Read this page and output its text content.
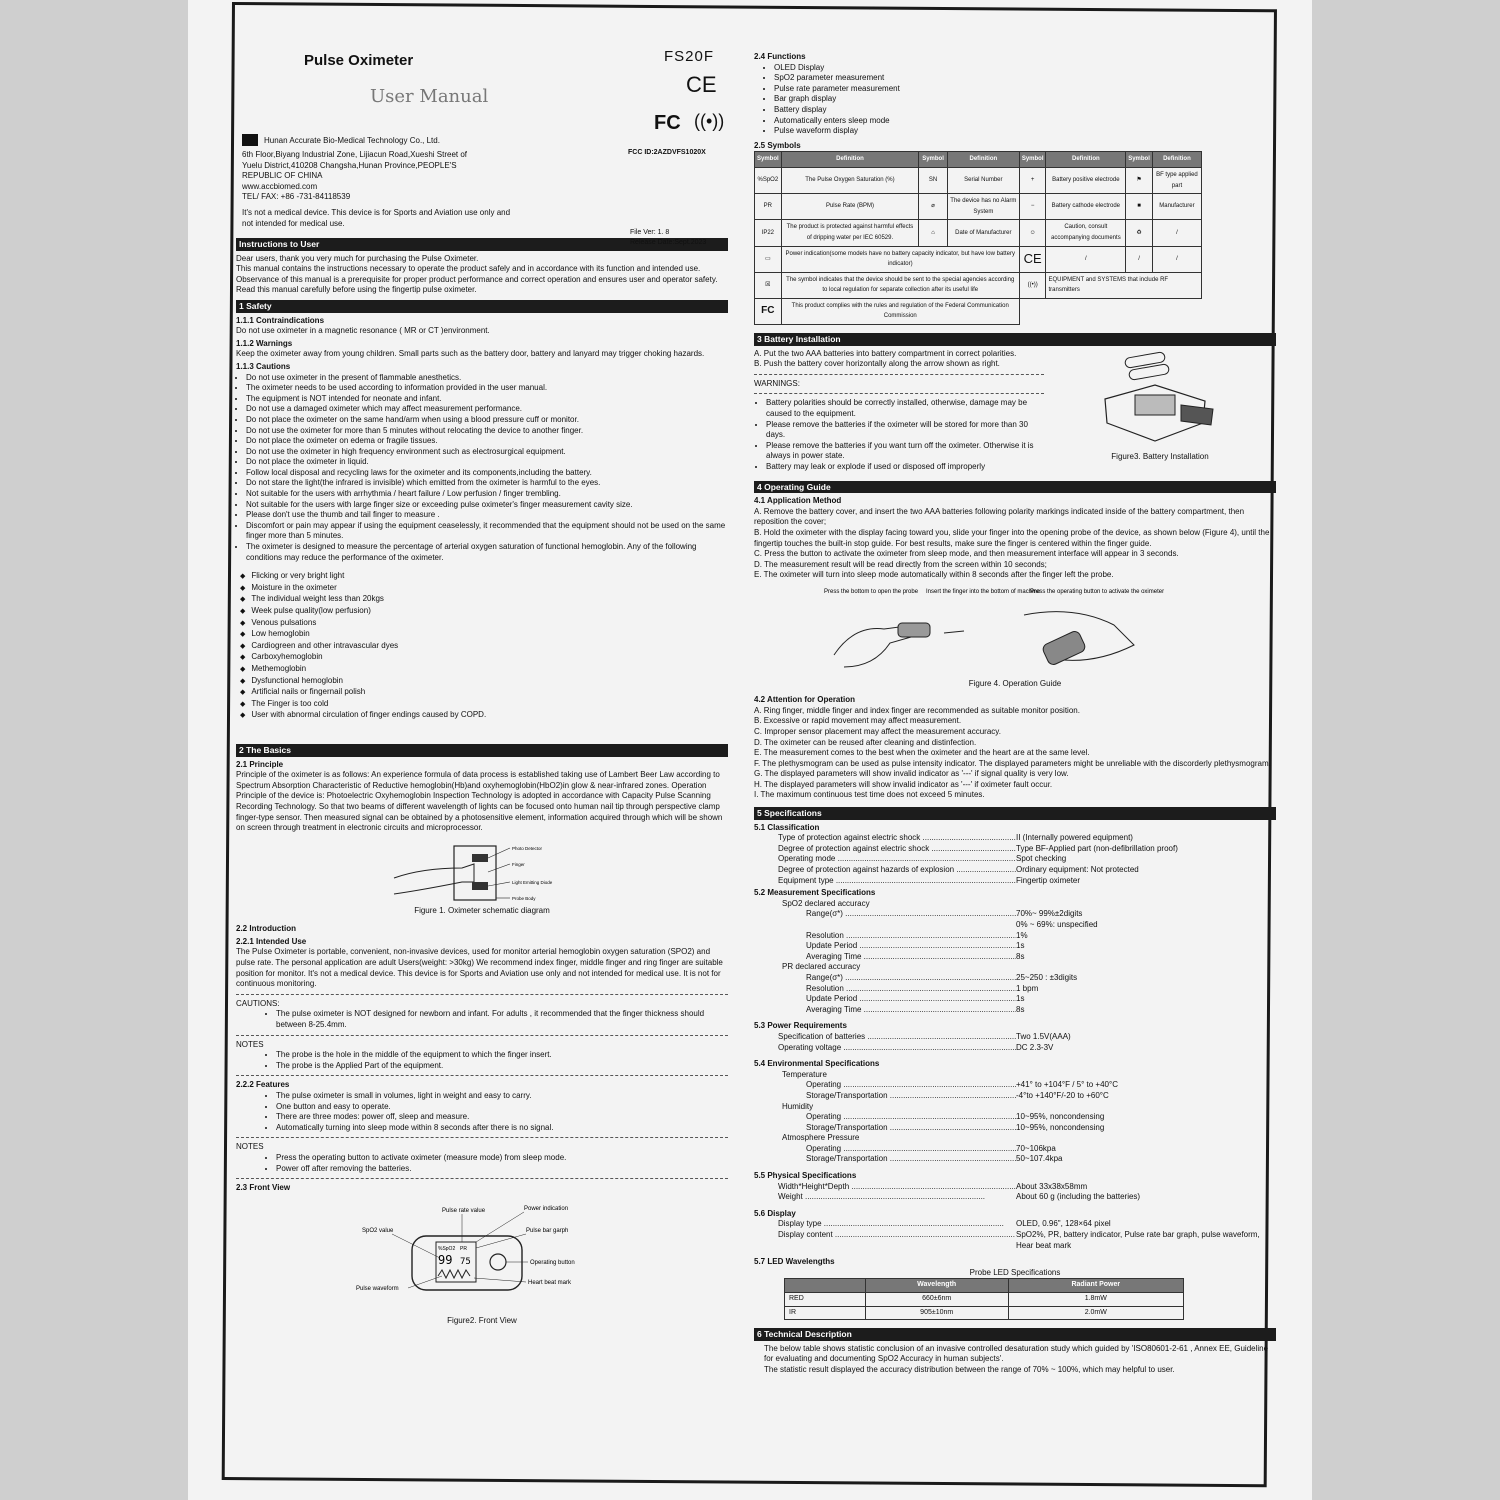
Pulse Oximeter
User Manual
FS20F
CE
FC ((•))
FCC ID:2AZDVFS1020X
Hunan Accurate Bio-Medical Technology Co., Ltd.
6th Floor,Biyang Industrial Zone, Lijiacun Road,Xueshi Street of
Yuelu District,410208 Changsha,Hunan Province,PEOPLE'S
REPUBLIC OF CHINA
www.accbiomed.com
TEL/ FAX: +86 -731-84118539
It's not a medical device. This device is for Sports and Aviation use only and not intended for medical use.
File Ver: 1. 8
Release Date:Sept.2023
Instructions to User

Dear users, thank you very much for purchasing the Pulse Oximeter.

This manual contains the instructions necessary to operate the product safely and in accordance with its function and intended use. Observance of this manual is a prerequisite for proper product performance and correct operation and ensures user and operator safety.

Read this manual carefully before using the fingertip pulse oximeter.

1 Safety
1.1.1 Contraindications
Do not use oximeter in a magnetic resonance ( MR or CT )environment.
1.1.2 Warnings
Keep the oximeter away from young children. Small parts such as the battery door, battery and lanyard may trigger choking hazards.
1.1.3 Cautions
• Do not use oximeter in the present of flammable anesthetics.
• The oximeter needs to be used according to information provided in the user manual.
• The equipment is NOT intended for neonate and infant.
• Do not use a damaged oximeter which may affect measurement performance.
• Do not place the oximeter on the same hand/arm when using a blood pressure cuff or monitor.
• Do not use the oximeter for more than 5 minutes without relocating the device to another finger.
• Do not place the oximeter on edema or fragile tissues.
• Do not use the oximeter in high frequency environment such as electrosurgical equipment.
• Do not place the oximeter in liquid.
• Follow local disposal and recycling laws for the oximeter and its components,including the battery.
• Do not stare the light(the infrared is invisible) which emitted from the oximeter is harmful to the eyes.
• Not suitable for the users with arrhythmia / heart failure / Low perfusion / finger trembling.
• Not suitable for the users with large finger size or exceeding pulse oximeter's finger measurement cavity size.
• Please don't use the thumb and tail finger to measure .
• Discomfort or pain may appear if using the equipment ceaselessly, it recommended that the equipment should not be used on the same finger more than 5 minutes.
• The oximeter is designed to measure the percentage of arterial oxygen saturation of functional hemoglobin. Any of the following conditions may reduce the performance of the oximeter.
◆ Flicking or very bright light
◆ Moisture in the oximeter
◆ The individual weight less than 20kgs
◆ Week pulse quality(low perfusion)
◆ Venous pulsations
◆ Low hemoglobin
◆ Cardiogreen and other intravascular dyes
◆ Carboxyhemoglobin
◆ Methemoglobin
◆ Dysfunctional hemoglobin
◆ Artificial nails or fingernail polish
◆ The Finger is too cold
◆ User with abnormal circulation of finger endings caused by COPD.
2 The Basics
2.1 Principle
Principle of the oximeter is as follows: An experience formula of data process is established taking use of Lambert Beer Law according to Spectrum Absorption Characteristic of Reductive hemoglobin(Hb)and oxyhemoglobin(HbO2)in glow & near-infrared zones. Operation Principle of the device is: Photoelectric Oxyhemoglobin Inspection Technology is adopted in accordance with Capacity Pulse Scanning Recording Technology. So that two beams of different wavelength of lights can be focused onto human nail tip through perspective clamp finger-type sensor. Then measured signal can be obtained by a photosensitive element, information acquired through which will be shown on screen through treatment in electronic circuits and microprocessor.
Photo Detector
Finger
Light Emitting Diode
Probe Body
Figure 1. Oximeter schematic diagram
2.2 Introduction
2.2.1 Intended Use
The Pulse Oximeter is portable, convenient, non-invasive devices, used for monitor arterial hemoglobin oxygen saturation (SPO2) and pulse rate. The personal application are adult Users(weight: >30kg) We recommend index finger, middle finger and ring finger are suitable position for monitor. It's not a medical device. This device is for Sports and Aviation use only and not intended for medical use. It is not for continuous monitoring.
CAUTIONS:
• The pulse oximeter is NOT designed for newborn and infant. For adults , it recommended that the finger thickness should between 8-25.4mm.
NOTES
• The probe is the hole in the middle of the equipment to which the finger insert.
• The probe is the Applied Part of the equipment.
2.2.2 Features
• The pulse oximeter is small in volumes, light in weight and easy to carry.
• One button and easy to operate.
• There are three modes: power off, sleep and measure.
• Automatically turning into sleep mode within 8 seconds after there is no signal.
NOTES
• Press the operating button to activate oximeter (measure mode) from sleep mode.
• Power off after removing the batteries.
2.3 Front View
%SpO2 PR
99 75
Pulse rate value	Power indication
SpO2 value	Pulse bar garph
Operating button
Heart beat mark
Pulse waveform
Figure2. Front View
2.4 Functions
• OLED Display
• SpO2 parameter measurement
• Pulse rate parameter measurement
• Bar graph display
• Battery display
• Automatically enters sleep mode
• Pulse waveform display
2.5 Symbols
Symbol	Definition	Symbol	Definition	Symbol	Definition	Symbol	Definition
%SpO2	The Pulse Oxygen Saturation (%)	SN	Serial Number	+	Battery positive electrode	⚑	BF type applied part
PR	Pulse Rate (BPM)	⌀	The device has no Alarm System	−	Battery cathode electrode	■	Manufacturer
IP22	The product is protected against harmful effects of dripping water per IEC 60529.	⌂	Date of Manufacturer	☺	Caution, consult accompanying documents	♻	/
▭	Power indication(some models have no battery capacity indicator, but have low battery indicator)			CE	/	/	/
☒	The symbol indicates that the device should be sent to the special agencies according to local regulation for separate collection after its useful life			((•))	EQUIPMENT and SYSTEMS that include RF transmitters		
FC	This product complies with the rules and regulation of the Federal Communication Commission						
3 Battery Installation
A. Put the two AAA batteries into battery compartment in correct polarities.
B. Push the battery cover horizontally along the arrow shown as right.
WARNINGS:
• Battery polarities should be correctly installed, otherwise, damage may be caused to the equipment.
• Please remove the batteries if the oximeter will be stored for more than 30 days.
• Please remove the batteries if you want turn off the oximeter. Otherwise it is always in power state.
• Battery may leak or explode if used or disposed off improperly
Figure3. Battery Installation
4 Operating Guide
4.1 Application Method
A. Remove the battery cover, and insert the two AAA batteries following polarity markings indicated inside of the battery compartment, then reposition the cover;
B. Hold the oximeter with the display facing toward you, slide your finger into the opening probe of the device, as shown below (Figure 4), until the fingertip touches the built-in stop guide. For best results, make sure the finger is centered within the finger guide.
C. Press the button to activate the oximeter from sleep mode, and then measurement interface will appear in 3 seconds.
D. The measurement result will be read directly from the screen within 10 seconds;
E. The oximeter will turn into sleep mode automatically within 8 seconds after the finger left the probe.
Press the bottom to open the probe Insert the finger into the bottom of machine
Press the operating button to activate the oximeter
Figure 4. Operation Guide
4.2 Attention for Operation
A. Ring finger, middle finger and index finger are recommended as suitable monitor position.
B. Excessive or rapid movement may affect measurement.
C. Improper sensor placement may affect the measurement accuracy.
D. The oximeter can be reused after cleaning and distinfection.
E. The measurement comes to the best when the oximeter and the heart are at the same level.
F. The plethysmogram can be used as pulse intensity indicator. The displayed parameters might be unreliable with the discorderly plethysmogram.
G. The displayed parameters will show invalid indicator as '---' if signal quality is very low.
H. The displayed parameters will show invalid indicator as '---' if oximeter fault occur.
I. The maximum continuous test time does not exceed 5 minutes.
5 Specifications
5.1 Classification
Type of protection against electric shock .....	II (Internally powered equipment)
Degree of protection against electric shock .....	Type BF-Applied part (non-defibrillation proof)
Operating mode .....	Spot checking
Degree of protection against hazards of explosion .....	Ordinary equipment: Not protected
Equipment type .....	Fingertip oximeter
5.2 Measurement Specifications
SpO2 declared accuracy
Range(σ*) .....	70%~ 99%±2digits
0% ~ 69%: unspecified
Resolution .....	1%
Update Period .....	1s
Averaging Time .....	8s
PR declared accuracy
Range(σ*) .....	25~250 : ±3digits
Resolution .....	1 bpm
Update Period .....	1s
Averaging Time .....	8s
5.3 Power Requirements
Specification of batteries .....	Two 1.5V(AAA)
Operating voltage .....	DC 2.3-3V
5.4 Environmental Specifications
Temperature
Operating .....	+41° to +104°F / 5° to +40°C
Storage/Transportation .....	-4°to +140°F/-20 to +60°C
Humidity
Operating .....	10~95%, noncondensing
Storage/Transportation .....	10~95%, noncondensing
Atmosphere Pressure
Operating .....	70~106kpa
Storage/Transportation .....	50~107.4kpa
5.5 Physical Specifications
Width*Height*Depth .....	About 33x38x58mm
Weight .....	About 60 g (including the batteries)
5.6 Display
Display type .....	OLED, 0.96", 128×64 pixel
Display content .....	SpO2%, PR, battery indicator, Pulse rate bar graph, pulse waveform, Hear beat mark
5.7 LED Wavelengths
Probe LED Specifications
	Wavelength	Radiant Power
RED	660±6nm	1.8mW
IR	905±10nm	2.0mW
6 Technical Description

The below table shows statistic conclusion of an invasive controlled desaturation study which guided by 'ISO80601-2-61 , Annex EE, Guideline for evaluating and documenting SpO2 Accuracy in human subjects'.

The statistic result displayed the accuracy distribution between the range of 70% ~ 100%, which may helpful to user.
